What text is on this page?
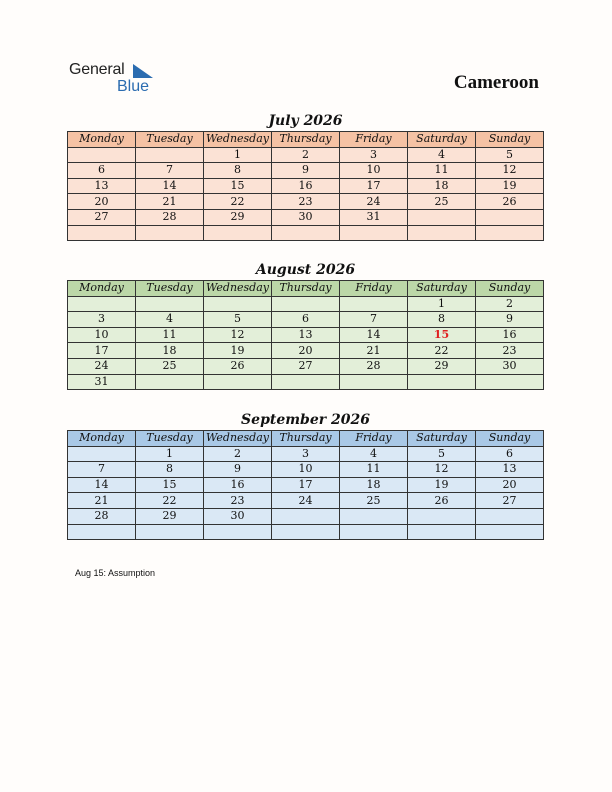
General
Blue	Cameroon
July 2026
Monday	Tuesday	Wednesday	Thursday	Friday	Saturday	Sunday
		1	2	3	4	5
6	7	8	9	10	11	12
13	14	15	16	17	18	19
20	21	22	23	24	25	26
27	28	29	30	31		

August 2026
Monday	Tuesday	Wednesday	Thursday	Friday	Saturday	Sunday
					1	2
3	4	5	6	7	8	9
10	11	12	13	14	15	16
17	18	19	20	21	22	23
24	25	26	27	28	29	30
31						
September 2026
Monday	Tuesday	Wednesday	Thursday	Friday	Saturday	Sunday
	1	2	3	4	5	6
7	8	9	10	11	12	13
14	15	16	17	18	19	20
21	22	23	24	25	26	27
28	29	30				

Aug 15: Assumption
